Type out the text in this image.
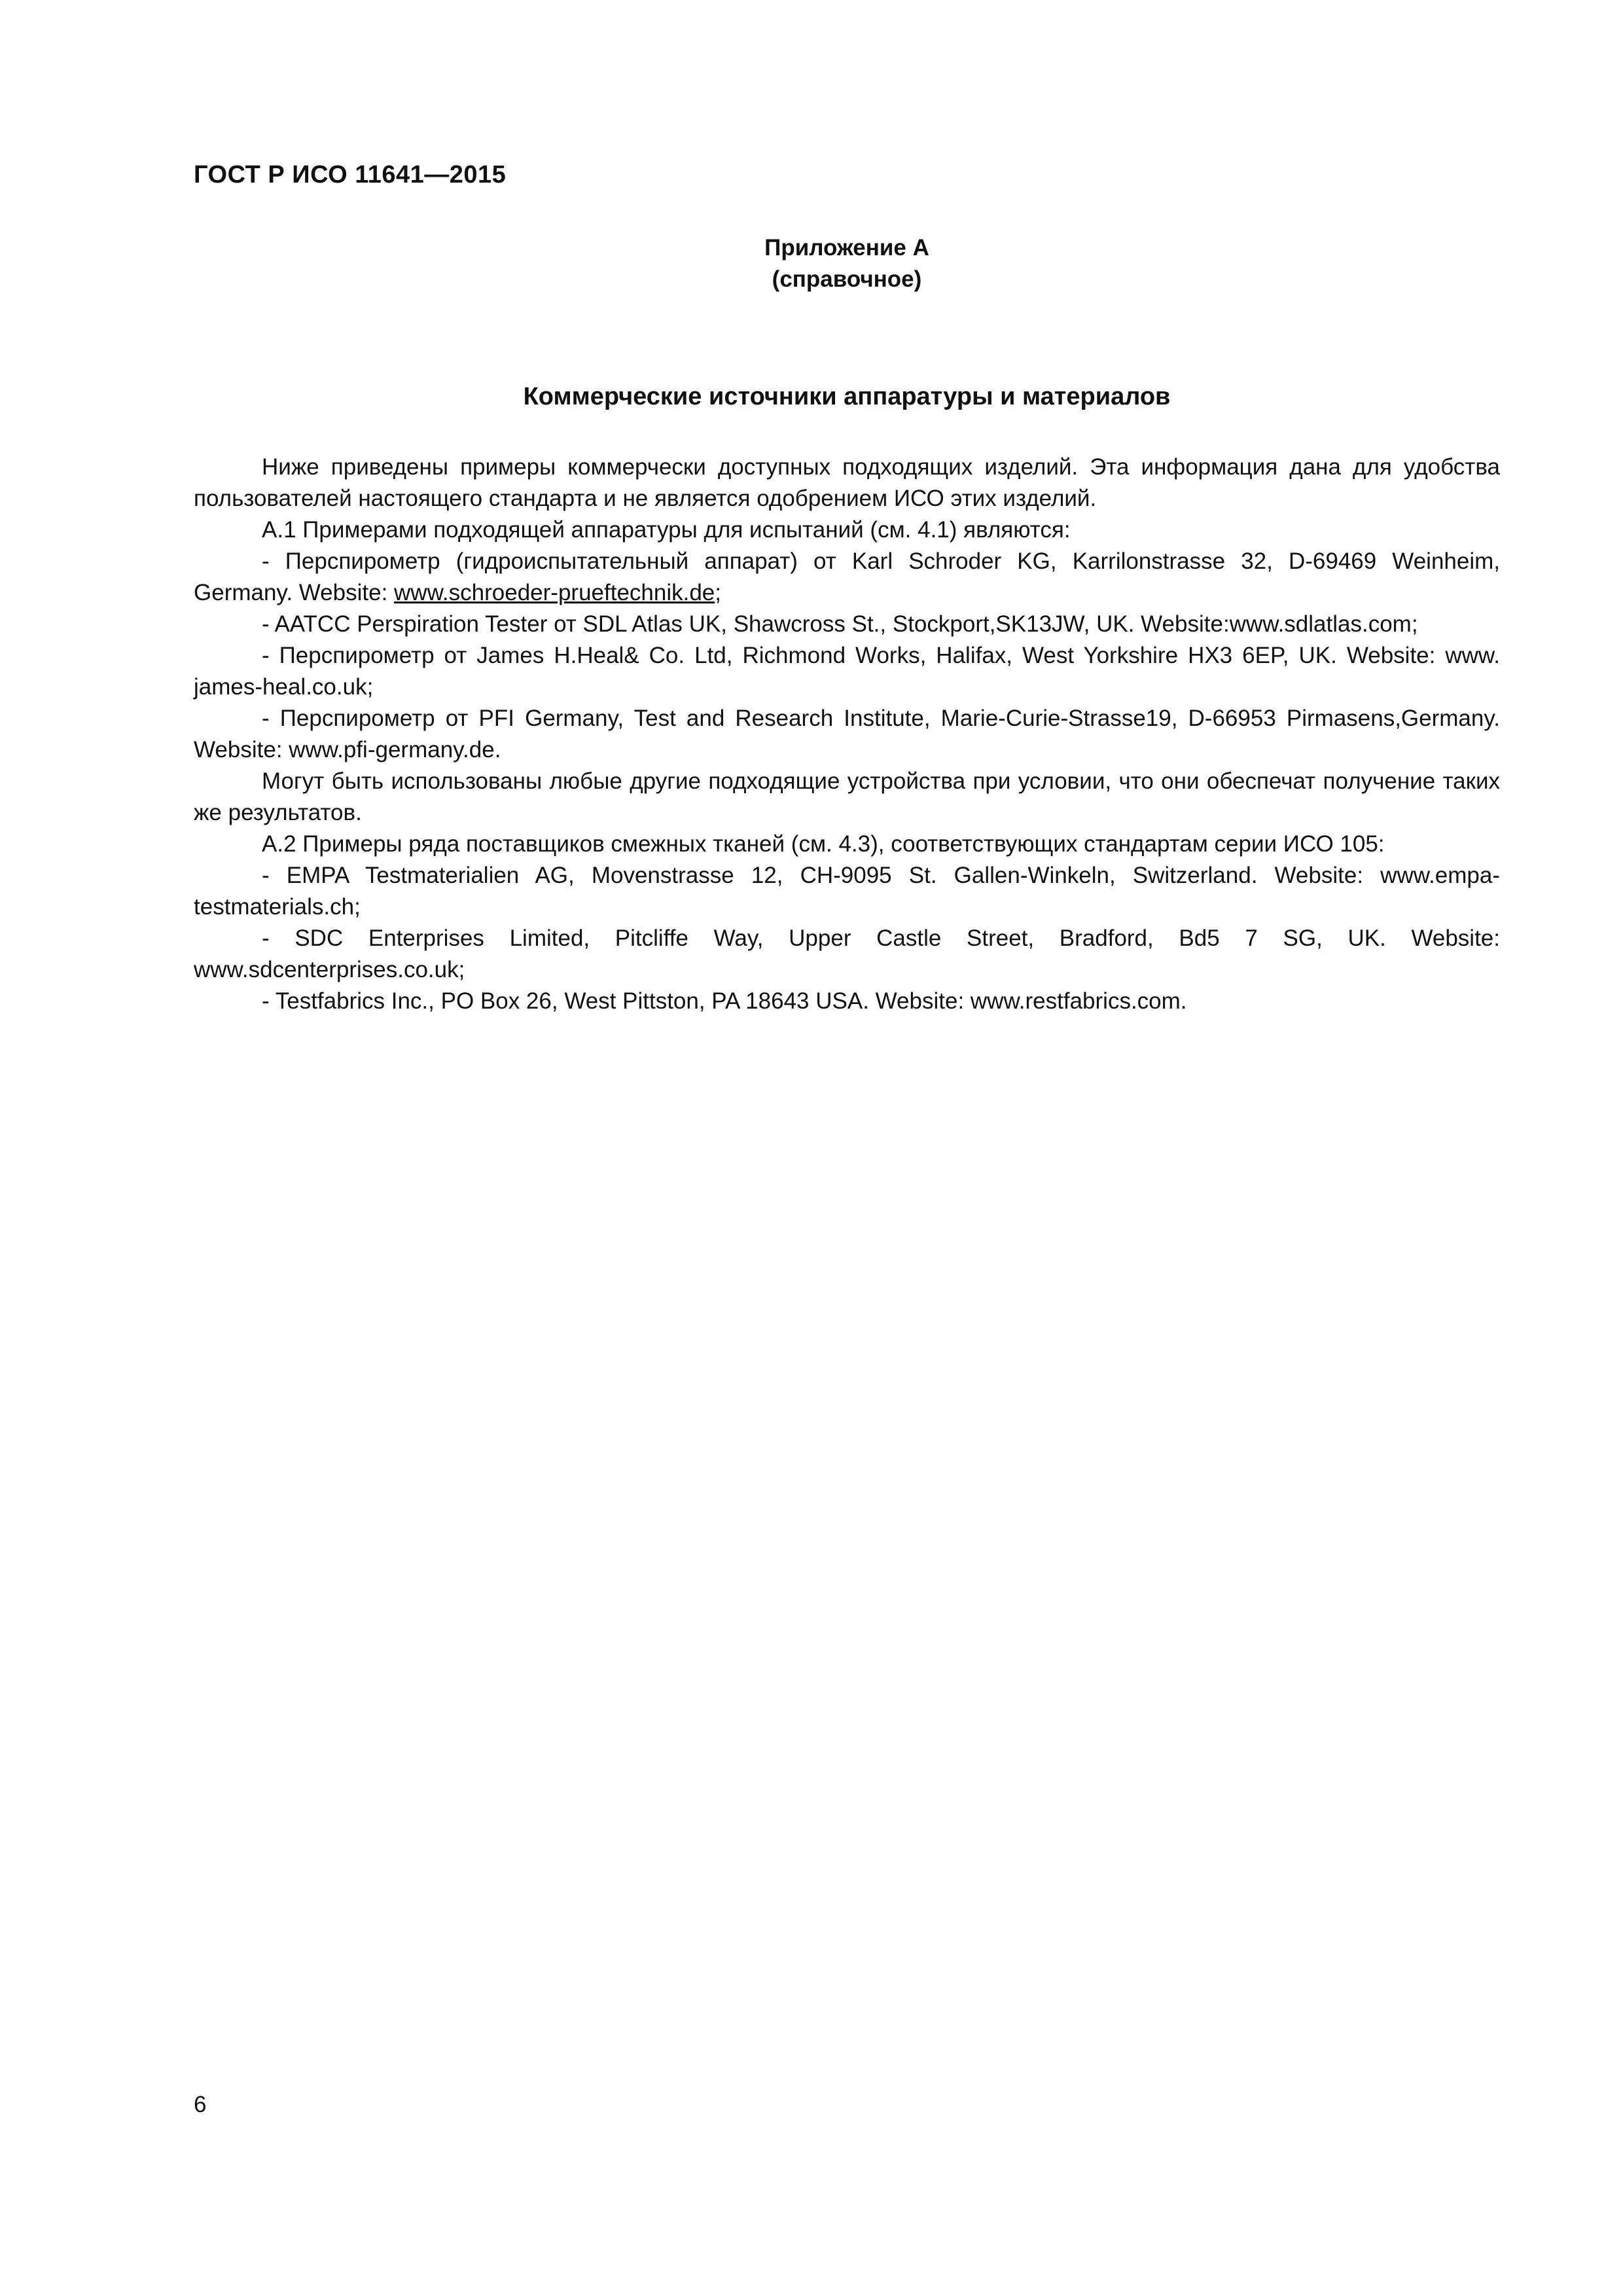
ГОСТ Р ИСО 11641—2015
Приложение А
(справочное)
Коммерческие источники аппаратуры и материалов

Ниже приведены примеры коммерчески доступных подходящих изделий. Эта информация дана для удобства пользователей настоящего стандарта и не является одобрением ИСО этих изделий.

А.1 Примерами подходящей аппаратуры для испытаний (см. 4.1) являются:

- Перспирометр (гидроиспытательный аппарат) от Karl Schroder KG, Karrilonstrasse 32, D-69469 Weinheim, Germany. Website: www.schroeder-prueftechnik.de;

- AATCC Perspiration Tester от SDL Atlas UK, Shawcross St., Stockport,SK13JW, UK. Website:www.sdlatlas.com;

- Перспирометр от James H.Heal& Co. Ltd, Richmond Works, Halifax, West Yorkshire HX3 6EP, UK. Website: www. james-heal.co.uk;

- Перспирометр от PFI Germany, Test and Research Institute, Marie-Curie-Strasse19, D-66953 Pirmasens,Germany. Website: www.pfi-germany.de.

Могут быть использованы любые другие подходящие устройства при условии, что они обеспечат получение таких же результатов.

А.2 Примеры ряда поставщиков смежных тканей (см. 4.3), соответствующих стандартам серии ИСО 105:

- EMPA Testmaterialien AG, Movenstrasse 12, CH-9095 St. Gallen-Winkeln, Switzerland. Website: www.empa-testmaterials.ch;

- SDC Enterprises Limited, Pitcliffe Way, Upper Castle Street, Bradford, Bd5 7 SG, UK. Website: www.sdcenterprises.co.uk;

- Testfabrics Inc., PO Box 26, West Pittston, PA 18643 USA. Website: www.restfabrics.com.

6
